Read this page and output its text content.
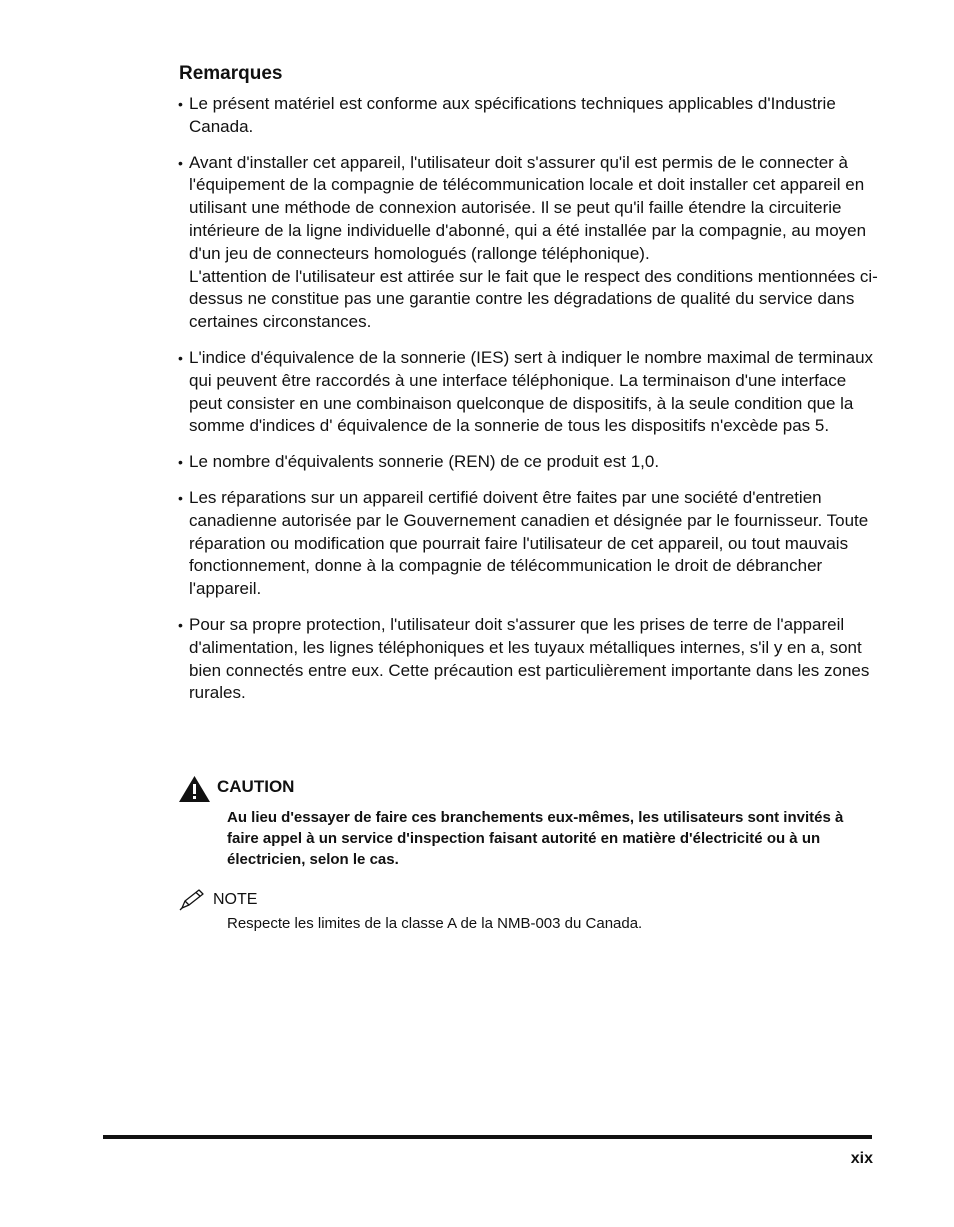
Remarques
• Le présent matériel est conforme aux spécifications techniques applicables d'Industrie Canada.

• Avant d'installer cet appareil, l'utilisateur doit s'assurer qu'il est permis de le connecter à l'équipement de la compagnie de télécommunication locale et doit installer cet appareil en utilisant une méthode de connexion autorisée. Il se peut qu'il faille étendre la circuiterie intérieure de la ligne individuelle d'abonné, qui a été installée par la compagnie, au moyen d'un jeu de connecteurs homologués (rallonge téléphonique).

L'attention de l'utilisateur est attirée sur le fait que le respect des conditions mentionnées ci-dessus ne constitue pas une garantie contre les dégradations de qualité du service dans certaines circonstances.

• L'indice d'équivalence de la sonnerie (IES) sert à indiquer le nombre maximal de terminaux qui peuvent être raccordés à une interface téléphonique. La terminaison d'une interface peut consister en une combinaison quelconque de dispositifs, à la seule condition que la somme d'indices d' équivalence de la sonnerie de tous les dispositifs n'excède pas 5.

• Le nombre d'équivalents sonnerie (REN) de ce produit est 1,0.

• Les réparations sur un appareil certifié doivent être faites par une société d'entretien canadienne autorisée par le Gouvernement canadien et désignée par le fournisseur. Toute réparation ou modification que pourrait faire l'utilisateur de cet appareil, ou tout mauvais fonctionnement, donne à la compagnie de télécommunication le droit de débrancher l'appareil.

• Pour sa propre protection, l'utilisateur doit s'assurer que les prises de terre de l'appareil d'alimentation, les lignes téléphoniques et les tuyaux métalliques internes, s'il y en a, sont bien connectés entre eux. Cette précaution est particulièrement importante dans les zones rurales.

CAUTION

Au lieu d'essayer de faire ces branchements eux-mêmes, les utilisateurs sont invités à faire appel à un service d'inspection faisant autorité en matière d'électricité ou à un électricien, selon le cas.

NOTE

Respecte les limites de la classe A de la NMB-003 du Canada.

xix
